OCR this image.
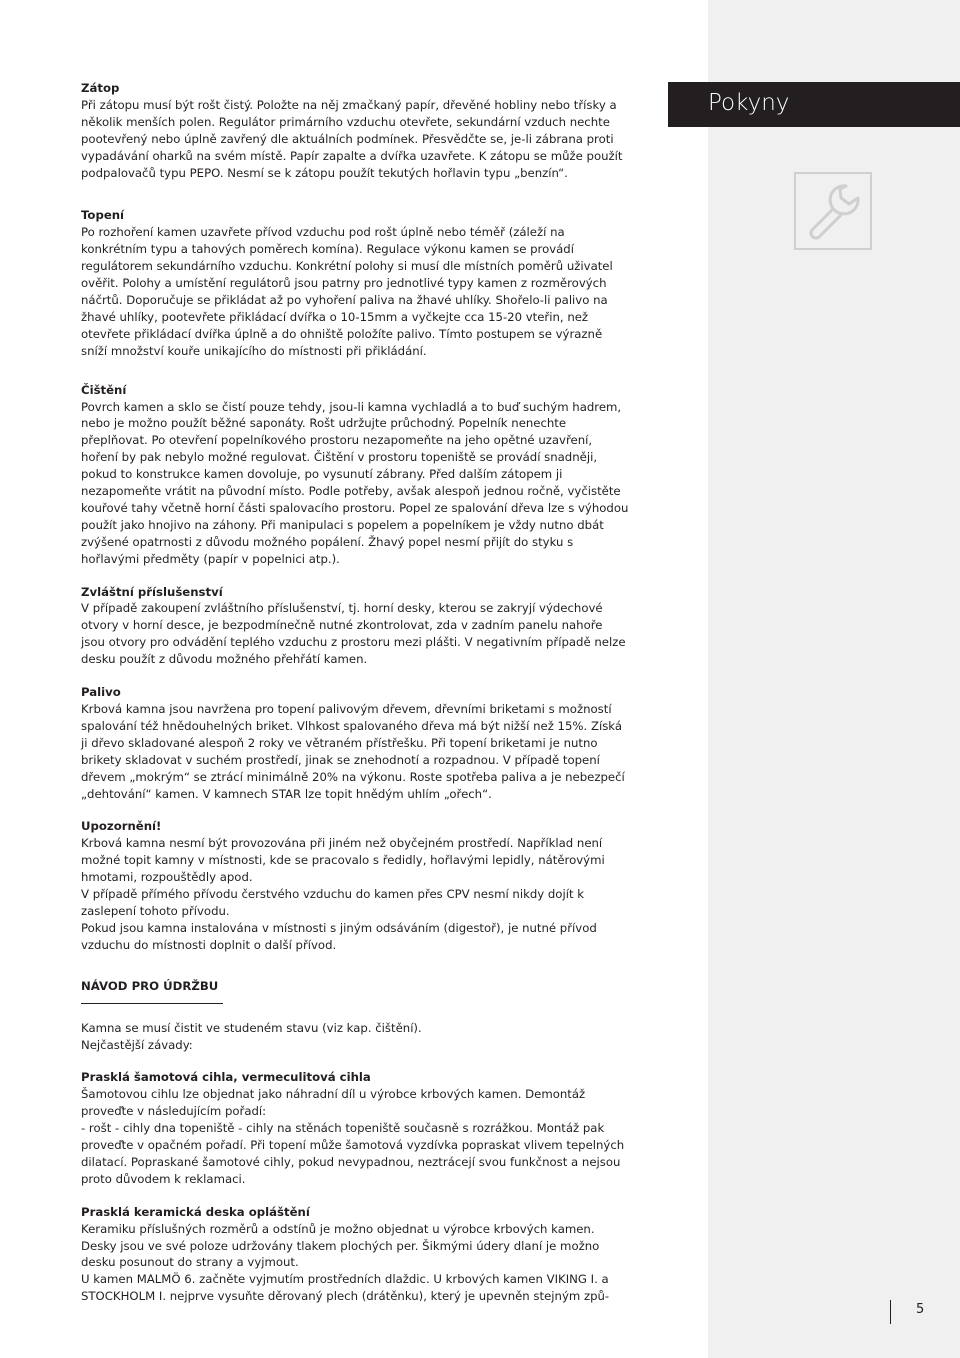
Pokyny
Zátop

Při zátopu musí být rošt čistý. Položte na něj zmačkaný papír, dřevěné hobliny nebo třísky a několik menších polen. Regulátor primárního vzduchu otevřete, sekundární vzduch nechte pootevřený nebo úplně zavřený dle aktuálních podmínek. Přesvědčte se, je-li zábrana proti vypadávání oharků na svém místě. Papír zapalte a dvířka uzavřete. K zátopu se může použít podpalovačů typu PEPO. Nesmí se k zátopu použít tekutých hořlavin typu „benzín“.

Topení

Po rozhoření kamen uzavřete přívod vzduchu pod rošt úplně nebo téměř (záleží na konkrétním typu a tahových poměrech komína). Regulace výkonu kamen se provádí regulátorem sekundárního vzduchu. Konkrétní polohy si musí dle místních poměrů uživatel ověřit. Polohy a umístění regulátorů jsou patrny pro jednotlivé typy kamen z rozměrových náčrtů. Doporučuje se přikládat až po vyhoření paliva na žhavé uhlíky. Shořelo-li palivo na žhavé uhlíky, pootevřete přikládací dvířka o 10-15mm a vyčkejte cca 15-20 vteřin, než otevřete přikládací dvířka úplně a do ohniště položíte palivo. Tímto postupem se výrazně sníží množství kouře unikajícího do místnosti při přikládání.

Čištění

Povrch kamen a sklo se čistí pouze tehdy, jsou-li kamna vychladlá a to buď suchým hadrem, nebo je možno použít běžné saponáty. Rošt udržujte průchodný. Popelník nenechte přeplňovat. Po otevření popelníkového prostoru nezapomeňte na jeho opětné uzavření, hoření by pak nebylo možné regulovat. Čištění v prostoru topeniště se provádí snadněji, pokud to konstrukce kamen dovoluje, po vysunutí zábrany. Před dalším zátopem ji nezapomeňte vrátit na původní místo. Podle potřeby, avšak alespoň jednou ročně, vyčistěte kouřové tahy včetně horní části spalovacího prostoru. Popel ze spalování dřeva lze s výhodou použít jako hnojivo na záhony. Při manipulaci s popelem a popelníkem je vždy nutno dbát zvýšené opatrnosti z důvodu možného popálení. Žhavý popel nesmí přijít do styku s hořlavými předměty (papír v popelnici atp.).

Zvláštní příslušenství

V případě zakoupení zvláštního příslušenství, tj. horní desky, kterou se zakryjí výdechové otvory v horní desce, je bezpodmínečně nutné zkontrolovat, zda v zadním panelu nahoře jsou otvory pro odvádění teplého vzduchu z prostoru mezi plášti. V negativním případě nelze desku použít z důvodu možného přehřátí kamen.

Palivo

Krbová kamna jsou navržena pro topení palivovým dřevem, dřevními briketami s možností spalování též hnědouhelných briket. Vlhkost spalovaného dřeva má být nižší než 15%. Získá ji dřevo skladované alespoň 2 roky ve větraném přístřešku. Při topení briketami je nutno brikety skladovat v suchém prostředí, jinak se znehodnotí a rozpadnou. V případě topení dřevem „mokrým“ se ztrácí minimálně 20% na výkonu. Roste spotřeba paliva a je nebezpečí „dehtování“ kamen. V kamnech STAR lze topit hnědým uhlím „ořech“.

Upozornění!

Krbová kamna nesmí být provozována při jiném než obyčejném prostředí. Například není možné topit kamny v místnosti, kde se pracovalo s ředidly, hořlavými lepidly, nátěrovými hmotami, rozpouštědly apod.

V případě přímého přívodu čerstvého vzduchu do kamen přes CPV nesmí nikdy dojít k zaslepení tohoto přívodu.

Pokud jsou kamna instalována v místnosti s jiným odsáváním (digestoř), je nutné přívod vzduchu do místnosti doplnit o další přívod.

NÁVOD PRO ÚDRŽBU

Kamna se musí čistit ve studeném stavu (viz kap. čištění).

Nejčastější závady:

Prasklá šamotová cihla, vermeculitová cihla

Šamotovou cihlu lze objednat jako náhradní díl u výrobce krbových kamen. Demontáž proveďte v následujícím pořadí:

- rošt - cihly dna topeniště - cihly na stěnách topeniště současně s rozrážkou. Montáž pak proveďte v opačném pořadí. Při topení může šamotová vyzdívka popraskat vlivem tepelných dilatací. Popraskané šamotové cihly, pokud nevypadnou, neztrácejí svou funkčnost a nejsou proto důvodem k reklamaci.

Prasklá keramická deska opláštění

Keramiku příslušných rozměrů a odstínů je možno objednat u výrobce krbových kamen. Desky jsou ve své poloze udržovány tlakem plochých per. Šikmými údery dlaní je možno desku posunout do strany a vyjmout.

U kamen MALMÖ 6. začněte vyjmutím prostředních dlaždic. U krbových kamen VIKING I. a STOCKHOLM I. nejprve vysuňte děrovaný plech (drátěnku), který je upevněn stejným způ-

5
